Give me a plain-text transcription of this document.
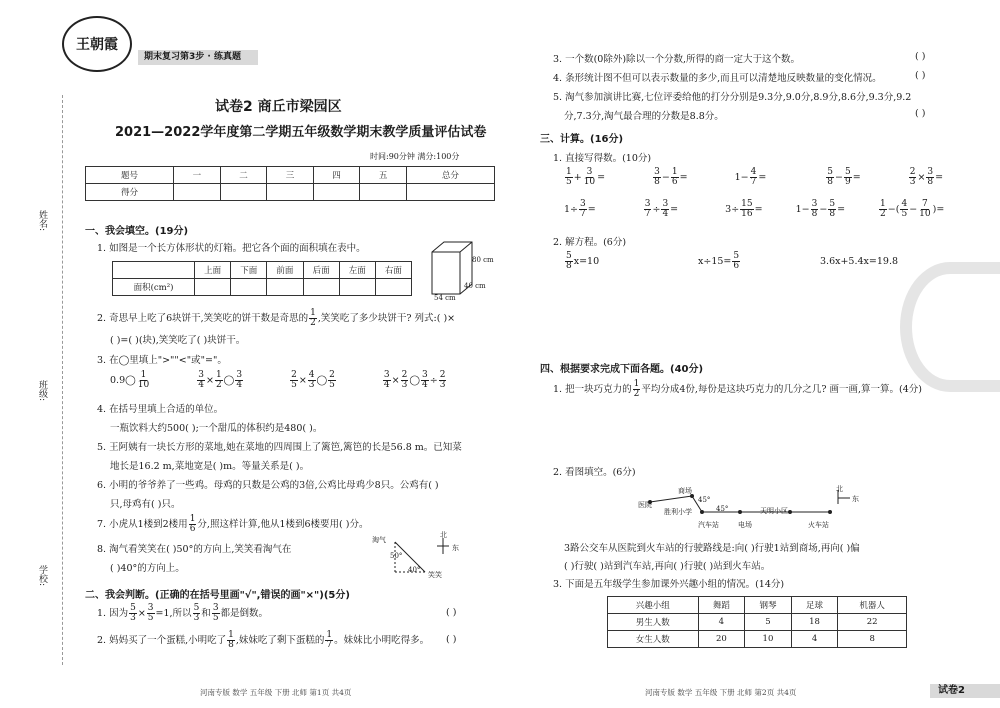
王朝霞
期末复习第3步 · 练真题
试卷2 商丘市梁园区
2021—2022学年度第二学期五年级数学期末教学质量评估试卷
时间:90分钟 满分:100分
题号	一	二	三	四	五	总分
得分						
姓名:
班级:
学校:
一、我会填空。(19分)
1. 如图是一个长方体形状的灯箱。把它各个面的面积填在表中。
	上面	下面	前面	后面	左面	右面
面积(cm²)						
80 cm
40 cm
54 cm
2. 奇思早上吃了6块饼干,笑笑吃的饼干数是奇思的 $\frac{1}{2}$ ,笑笑吃了多少块饼干? 列式:( )×
( )=( )(块),笑笑吃了( )块饼干。
3. 在◯里填上">""<"或"="。
0.9◯ $\frac{1}{10}$
	$\frac{3}{4} \times \frac{1}{2}$ ◯ $\frac{3}{4}$
	$\frac{2}{5} \times \frac{4}{3}$ ◯ $\frac{2}{5}$
	$\frac{3}{4} \times \frac{2}{3}$ ◯ $\frac{3}{4} \div \frac{2}{3}$
4. 在括号里填上合适的单位。
一瓶饮料大约500( );一个甜瓜的体积约是480( )。
5. 王阿姨有一块长方形的菜地,她在菜地的四周围上了篱笆,篱笆的长是56.8 m。已知菜
地长是16.2 m,菜地宽是( )m。等量关系是( )。
6. 小明的爷爷养了一些鸡。母鸡的只数是公鸡的3倍,公鸡比母鸡少8只。公鸡有( )
只,母鸡有( )只。
7. 小虎从1楼到2楼用 $\frac{1}{6}$ 分,照这样计算,他从1楼到6楼要用( )分。
8. 淘气看笑笑在( )50°的方向上,笑笑看淘气在
( )40°的方向上。
北
东
淘气
笑笑
50°
40°
二、我会判断。(正确的在括号里画"√",错误的画"×")(5分)
1. 因为 $\frac{5}{3} \times \frac{3}{5} =1$,所以 $\frac{5}{3}$ 和 $\frac{3}{5}$ 都是倒数。	( )
2. 妈妈买了一个蛋糕,小明吃了 $\frac{1}{8}$ ,妹妹吃了剩下蛋糕的 $\frac{1}{7}$ 。妹妹比小明吃得多。 ( )
河南专版 数学 五年级 下册 北师 第1页 共4页
3. 一个数(0除外)除以一个分数,所得的商一定大于这个数。	( )
4. 条形统计图不但可以表示数量的多少,而且可以清楚地反映数量的变化情况。	( )
5. 淘气参加演讲比赛,七位评委给他的打分分别是9.3分,9.0分,8.9分,8.6分,9.3分,9.2
分,7.3分,淘气最合理的分数是8.8分。	( )
三、计算。(16分)
1. 直接写得数。(10分)
$\frac{1}{5} + \frac{3}{10}$ =	$\frac{3}{8} - \frac{1}{6}$ =	$1- \frac{4}{7}$ =	$\frac{5}{8} - \frac{5}{9}$ =	$\frac{2}{3} \times \frac{3}{8}$ =
$1\div \frac{3}{7}$ =	$\frac{3}{7} \div \frac{3}{4}$ =	$3\div \frac{15}{16}$ =	$1- \frac{3}{8} - \frac{5}{8}$ =	$\frac{1}{2}$ −( $\frac{4}{5} - \frac{7}{10}$ )=
2. 解方程。(6分)
$\frac{5}{8} x=10$	$x\div 15= \frac{5}{6}$	3.6x+5.4x=19.8
四、根据要求完成下面各题。(40分)
1. 把一块巧克力的 $\frac{1}{2}$ 平均分成4份,每份是这块巧克力的几分之几? 画一画,算一算。(4分)
2. 看图填空。(6分)
医院
商场
胜利小学
汽车站	电场
天明小区
火车站
北
东
45°
45°
3路公交车从医院到火车站的行驶路线是:向( )行驶1站到商场,再向( )偏
( )行驶( )站到汽车站,再向( )行驶( )站到火车站。
3. 下面是五年级学生参加课外兴趣小组的情况。(14分)
兴趣小组	舞蹈	钢琴	足球	机器人
男生人数	4	5	18	22
女生人数	20	10	4	8
河南专版 数学 五年级 下册 北师 第2页 共4页	试卷2
